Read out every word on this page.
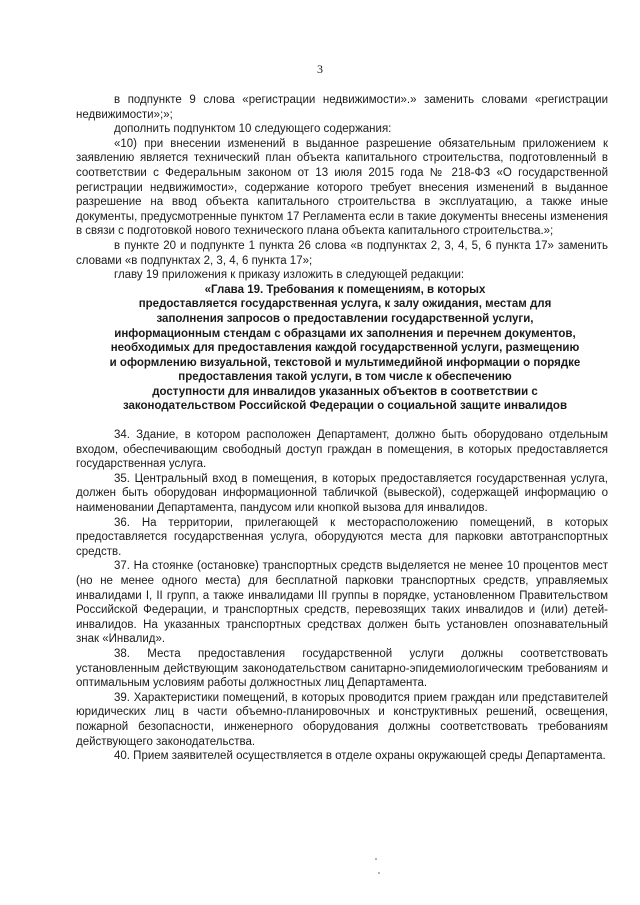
3

в подпункте 9 слова «регистрации недвижимости».» заменить словами «регистрации недвижимости»;»;

дополнить подпунктом 10 следующего содержания:

«10) при внесении изменений в выданное разрешение обязательным приложением к заявлению является технический план объекта капитального строительства, подготовленный в соответствии с Федеральным законом от 13 июля 2015 года № 218-ФЗ «О государственной регистрации недвижимости», содержание которого требует внесения изменений в выданное разрешение на ввод объекта капитального строительства в эксплуатацию, а также иные документы, предусмотренные пунктом 17 Регламента если в такие документы внесены изменения в связи с подготовкой нового технического плана объекта капитального строительства.»;

в пункте 20 и подпункте 1 пункта 26 слова «в подпунктах 2, 3, 4, 5, 6 пункта 17» заменить словами «в подпунктах 2, 3, 4, 6 пункта 17»;

главу 19 приложения к приказу изложить в следующей редакции:

«Глава 19. Требования к помещениям, в которых

предоставляется государственная услуга, к залу ожидания, местам для

заполнения запросов о предоставлении государственной услуги,

информационным стендам с образцами их заполнения и перечнем документов,

необходимых для предоставления каждой государственной услуги, размещению

и оформлению визуальной, текстовой и мультимедийной информации о порядке

предоставления такой услуги, в том числе к обеспечению

доступности для инвалидов указанных объектов в соответствии с

законодательством Российской Федерации о социальной защите инвалидов

34. Здание, в котором расположен Департамент, должно быть оборудовано отдельным входом, обеспечивающим свободный доступ граждан в помещения, в которых предоставляется государственная услуга.

35. Центральный вход в помещения, в которых предоставляется государственная услуга, должен быть оборудован информационной табличкой (вывеской), содержащей информацию о наименовании Департамента, пандусом или кнопкой вызова для инвалидов.

36. На территории, прилегающей к месторасположению помещений, в которых предоставляется государственная услуга, оборудуются места для парковки автотранспортных средств.

37. На стоянке (остановке) транспортных средств выделяется не менее 10 процентов мест (но не менее одного места) для бесплатной парковки транспортных средств, управляемых инвалидами I, II групп, а также инвалидами III группы в порядке, установленном Правительством Российской Федерации, и транспортных средств, перевозящих таких инвалидов и (или) детей-инвалидов. На указанных транспортных средствах должен быть установлен опознавательный знак «Инвалид».

38. Места предоставления государственной услуги должны соответствовать установленным действующим законодательством санитарно-эпидемиологическим требованиям и оптимальным условиям работы должностных лиц Департамента.

39. Характеристики помещений, в которых проводится прием граждан или представителей юридических лиц в части объемно-планировочных и конструктивных решений, освещения, пожарной безопасности, инженерного оборудования должны соответствовать требованиям действующего законодательства.

40. Прием заявителей осуществляется в отделе охраны окружающей среды Департамента.
